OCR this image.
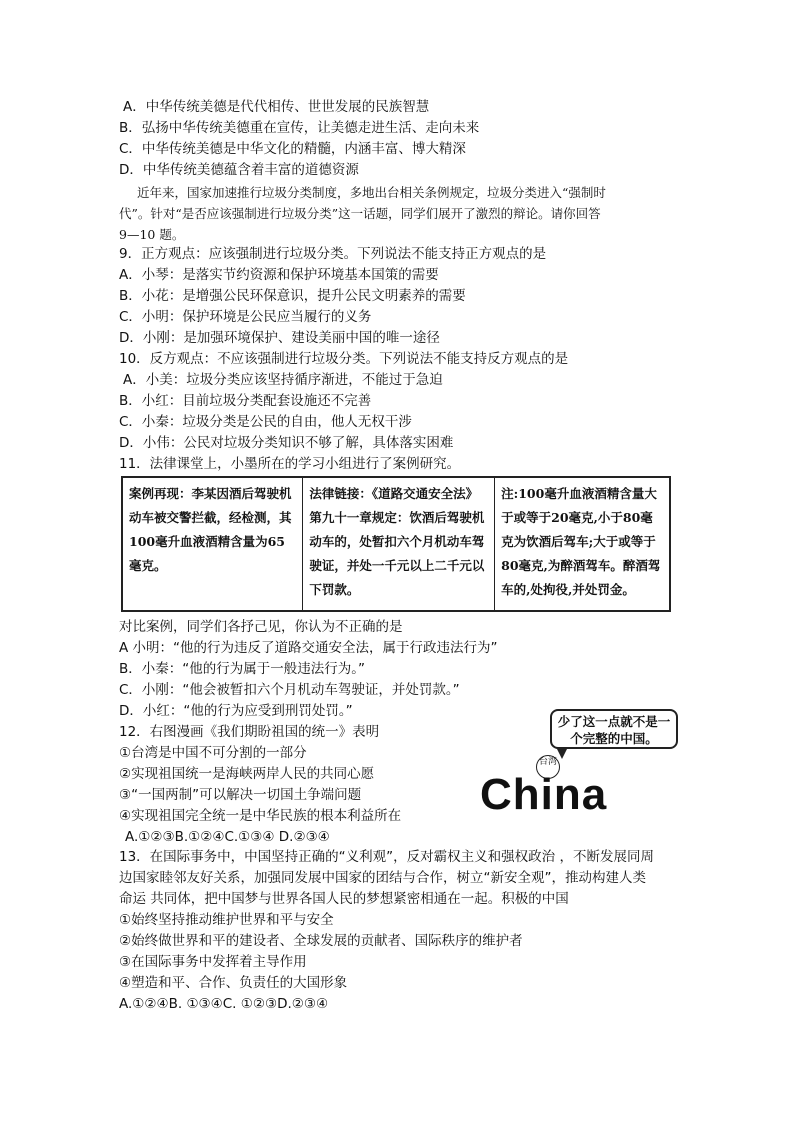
A．中华传统美德是代代相传、世世发展的民族智慧
B．弘扬中华传统美德重在宣传，让美德走进生活、走向未来
C．中华传统美德是中华文化的精髓，内涵丰富、博大精深
D．中华传统美德蕴含着丰富的道德资源
近年来，国家加速推行垃圾分类制度，多地出台相关条例规定，垃圾分类进入“强制时
代”。针对“是否应该强制进行垃圾分类”这一话题，同学们展开了激烈的辩论。请你回答
9—10 题。
9．正方观点：应该强制进行垃圾分类。下列说法不能支持正方观点的是
A．小琴：是落实节约资源和保护环境基本国策的需要
B．小花：是增强公民环保意识，提升公民文明素养的需要
C．小明：保护环境是公民应当履行的义务
D．小刚：是加强环境保护、建设美丽中国的唯一途径
10．反方观点：不应该强制进行垃圾分类。下列说法不能支持反方观点的是
A．小美：垃圾分类应该坚持循序渐进，不能过于急迫
B．小红：目前垃圾分类配套设施还不完善
C．小秦：垃圾分类是公民的自由，他人无权干涉
D．小伟：公民对垃圾分类知识不够了解，具体落实困难
11．法律课堂上，小墨所在的学习小组进行了案例研究。
案例再现：李某因酒后驾驶机动车被交警拦截，经检测，其100毫升血液酒精含量为65毫克。	法律链接：《道路交通安全法》第九十一章规定：饮酒后驾驶机动车的，处暂扣六个月机动车驾驶证，并处一千元以上二千元以下罚款。	注:100毫升血液酒精含量大于或等于20毫克,小于80毫克为饮酒后驾车;大于或等于80毫克,为醉酒驾车。醉酒驾车的,处拘役,并处罚金。
对比案例，同学们各抒己见，你认为不正确的是
A 小明：“他的行为违反了道路交通安全法，属于行政违法行为”
B．小秦：“他的行为属于一般违法行为。”
C．小刚：“他会被暂扣六个月机动车驾驶证，并处罚款。”
D．小红：“他的行为应受到刑罚处罚。”
12．右图漫画《我们期盼祖国的统一》表明
①台湾是中国不可分割的一部分
②实现祖国统一是海峡两岸人民的共同心愿
③“一国两制”可以解决一切国土争端问题
④实现祖国完全统一是中华民族的根本利益所在
A.①②③B.①②④C.①③④ D.②③④
少了这一点就不是一个完整的中国。
台湾
China
13．在国际事务中，中国坚持正确的“义利观”，反对霸权主义和强权政治 ，不断发展同周
边国家睦邻友好关系，加强同发展中国家的团结与合作，树立“新安全观”，推动构建人类
命运 共同体，把中国梦与世界各国人民的梦想紧密相通在一起。积极的中国
①始终坚持推动维护世界和平与安全
②始终做世界和平的建设者、全球发展的贡献者、国际秩序的维护者
③在国际事务中发挥着主导作用
④塑造和平、合作、负责任的大国形象
A.①②④B. ①③④C. ①②③D.②③④
